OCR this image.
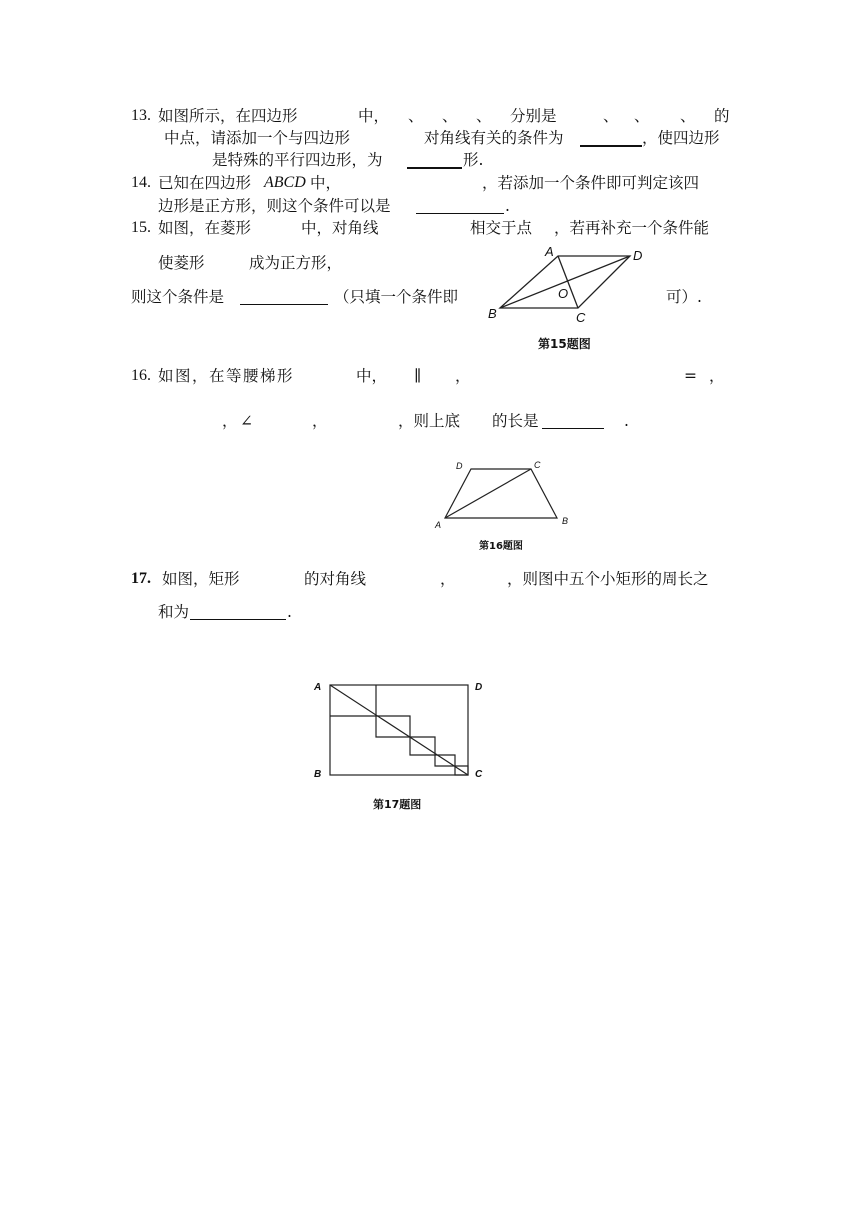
13. 如图所示，在四边形	中， 、 、 、 分别是	、 、 、 的
中点，请添加一个与四边形	对角线有关的条件为	，使四边形
是特殊的平行四边形，为	形.
14. 已知在四边形 ABCD 中，	，若添加一个条件即可判定该四
边形是正方形，则这个条件可以是	.
15. 如图，在菱形	中，对角线	相交于点 ，若再补充一个条件能
使菱形	成为正方形，
则这个条件是	（只填一个条件即	可）.
A	D
B	C
O
第15题图
16. 如图，在等腰梯形	中， ∥ ，	= ，
， ∠	，	，则上底 的长是	.
D	C
A	B
第16题图
17. 如图，矩形	的对角线	，	，则图中五个小矩形的周长之
和为	.
A	D
B	C
第17题图
